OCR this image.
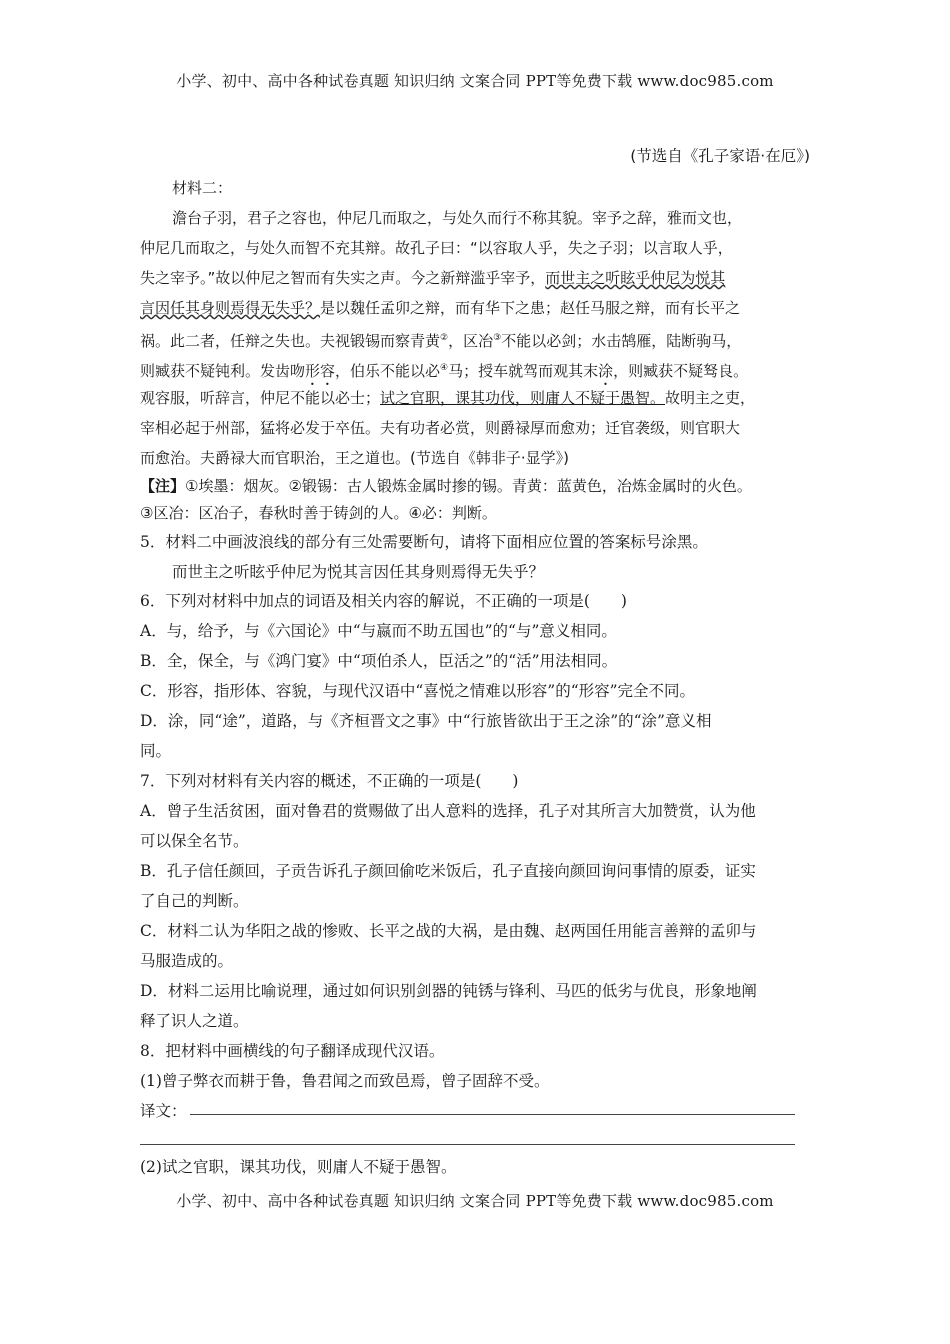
小学、初中、高中各种试卷真题 知识归纳 文案合同 PPT等免费下载 www.doc985.com
(节选自《孔子家语·在厄》)
材料二：
澹台子羽，君子之容也，仲尼几而取之，与处久而行不称其貌。宰予之辞，雅而文也，
仲尼几而取之，与处久而智不充其辩。故孔子曰：“以容取人乎，失之子羽；以言取人乎，
失之宰予。”故以仲尼之智而有失实之声。今之新辩滥乎宰予，而世主之听眩乎仲尼为悦其
言因任其身则焉得无失乎？是以魏任孟卯之辩，而有华下之患；赵任马服之辩，而有长平之
祸。此二者，任辩之失也。夫视锻锡而察青黄②，区冶③不能以必剑；水击鹄雁，陆断驹马，
则臧获不疑钝利。发齿吻形容，伯乐不能以必④马；授车就驾而观其末涂，则臧获不疑驽良。
观容服，听辞言，仲尼不能以必士；试之官职，课其功伐，则庸人不疑于愚智。故明主之吏，
宰相必起于州部，猛将必发于卒伍。夫有功者必赏，则爵禄厚而愈劝；迁官袭级，则官职大
而愈治。夫爵禄大而官职治，王之道也。(节选自《韩非子·显学》)
【注】①埃墨：烟灰。②锻锡：古人锻炼金属时掺的锡。青黄：蓝黄色，冶炼金属时的火色。
③区冶：区冶子，春秋时善于铸剑的人。④必：判断。
5．材料二中画波浪线的部分有三处需要断句，请将下面相应位置的答案标号涂黑。
而世主之听眩乎仲尼为悦其言因任其身则焉得无失乎？
6．下列对材料中加点的词语及相关内容的解说，不正确的一项是(　　)
A．与，给予，与《六国论》中“与嬴而不助五国也”的“与”意义相同。
B．全，保全，与《鸿门宴》中“项伯杀人，臣活之”的“活”用法相同。
C．形容，指形体、容貌，与现代汉语中“喜悦之情难以形容”的“形容”完全不同。
D．涂，同“途”，道路，与《齐桓晋文之事》中“行旅皆欲出于王之涂”的“涂”意义相
同。
7．下列对材料有关内容的概述，不正确的一项是(　　)
A．曾子生活贫困，面对鲁君的赏赐做了出人意料的选择，孔子对其所言大加赞赏，认为他
可以保全名节。
B．孔子信任颜回，子贡告诉孔子颜回偷吃米饭后，孔子直接向颜回询问事情的原委，证实
了自己的判断。
C．材料二认为华阳之战的惨败、长平之战的大祸，是由魏、赵两国任用能言善辩的孟卯与
马服造成的。
D．材料二运用比喻说理，通过如何识别剑器的钝锈与锋利、马匹的低劣与优良，形象地阐
释了识人之道。
8．把材料中画横线的句子翻译成现代汉语。
(1)曾子弊衣而耕于鲁，鲁君闻之而致邑焉，曾子固辞不受。
译文：
(2)试之官职，课其功伐，则庸人不疑于愚智。
小学、初中、高中各种试卷真题 知识归纳 文案合同 PPT等免费下载 www.doc985.com
